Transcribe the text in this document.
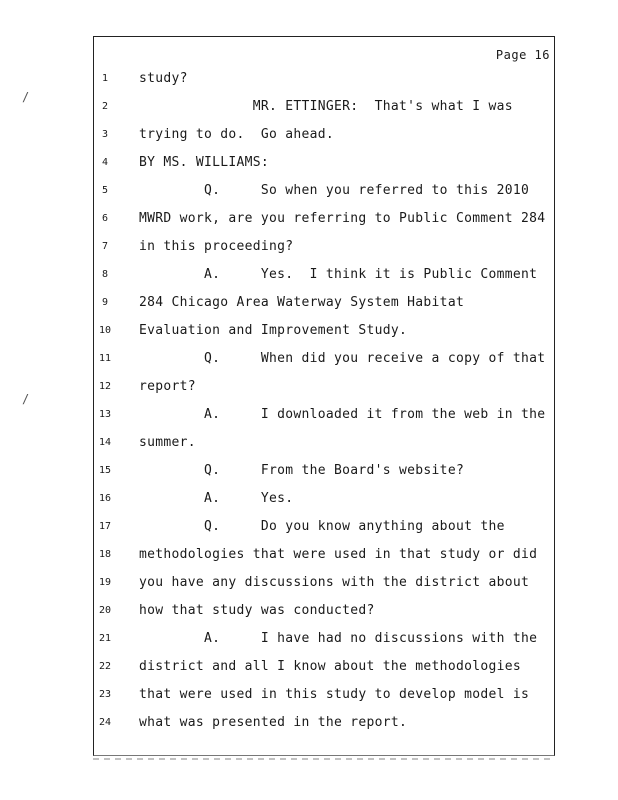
Page 16
/
/
1	study?
2	MR. ETTINGER:  That's what I was
3	trying to do.  Go ahead.
4	BY MS. WILLIAMS:
5	Q.     So when you referred to this 2010
6	MWRD work, are you referring to Public Comment 284
7	in this proceeding?
8	A.     Yes.  I think it is Public Comment
9	284 Chicago Area Waterway System Habitat
10	Evaluation and Improvement Study.
11	Q.     When did you receive a copy of that
12	report?
13	A.     I downloaded it from the web in the
14	summer.
15	Q.     From the Board's website?
16	A.     Yes.
17	Q.     Do you know anything about the
18	methodologies that were used in that study or did
19	you have any discussions with the district about
20	how that study was conducted?
21	A.     I have had no discussions with the
22	district and all I know about the methodologies
23	that were used in this study to develop model is
24	what was presented in the report.
